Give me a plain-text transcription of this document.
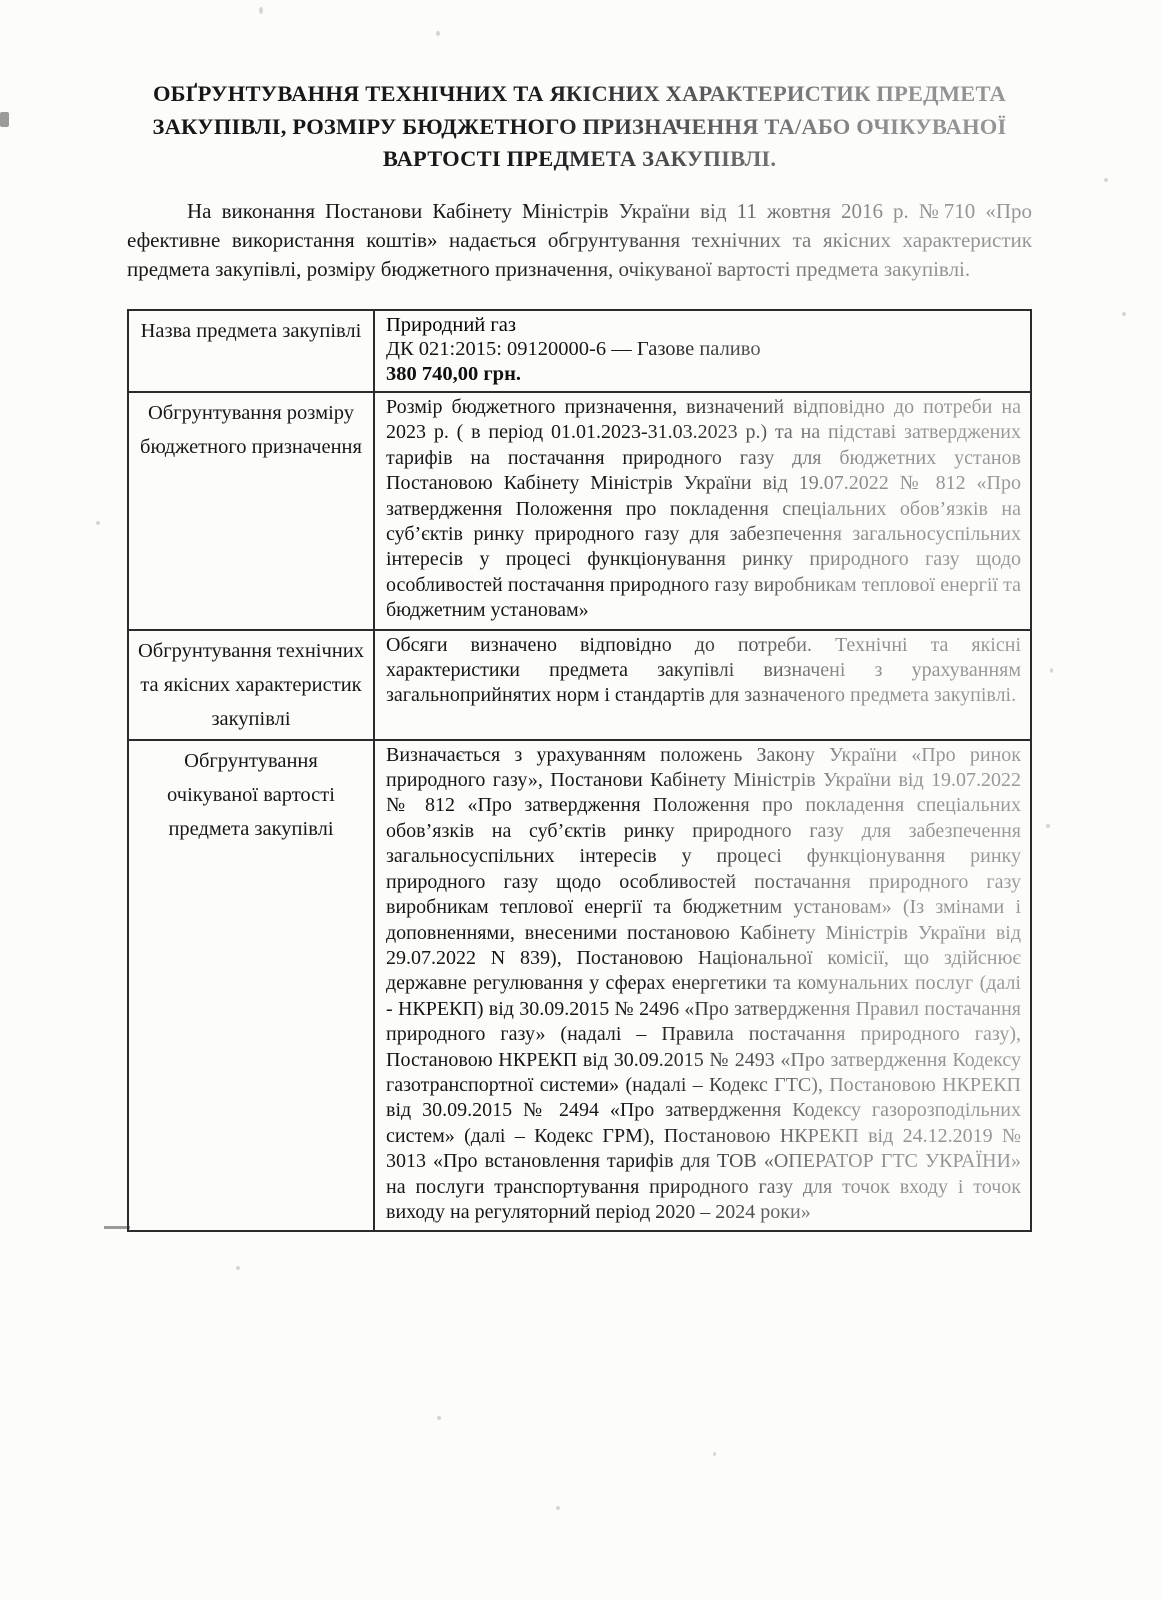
ОБҐРУНТУВАННЯ ТЕХНІЧНИХ ТА ЯКІСНИХ ХАРАКТЕРИСТИК ПРЕДМЕТА
ЗАКУПІВЛІ, РОЗМІРУ БЮДЖЕТНОГО ПРИЗНАЧЕННЯ ТА/АБО ОЧІКУВАНОЇ
ВАРТОСТІ ПРЕДМЕТА ЗАКУПІВЛІ.

На виконання Постанови Кабінету Міністрів України від 11 жовтня 2016 р. №710 «Про ефективне використання коштів» надається обгрунтування технічних та якісних характеристик предмета закупівлі, розміру бюджетного призначення, очікуваної вартості предмета закупівлі.

Назва предмета закупівлі	Природний газ
ДК 021:2015: 09120000-6 — Газове паливо
380 740,00 грн.

Обгрунтування розміру бюджетного призначення	Розмір бюджетного призначення, визначений відповідно до потреби на 2023 р. ( в період 01.01.2023-31.03.2023 р.) та на підставі затверджених тарифів на постачання природного газу для бюджетних установ Постановою Кабінету Міністрів України від 19.07.2022 № 812 «Про затвердження Положення про покладення спеціальних обов’язків на суб’єктів ринку природного газу для забезпечення загальносуспільних інтересів у процесі функціонування ринку природного газу щодо особливостей постачання природного газу виробникам теплової енергії та бюджетним установам»

Обгрунтування технічних та якісних характеристик закупівлі	Обсяги визначено відповідно до потреби. Технічні та якісні характеристики предмета закупівлі визначені з урахуванням загальноприйнятих норм і стандартів для зазначеного предмета закупівлі.

Обгрунтування очікуваної вартості предмета закупівлі	Визначається з урахуванням положень Закону України «Про ринок природного газу», Постанови Кабінету Міністрів України від 19.07.2022 № 812 «Про затвердження Положення про покладення спеціальних обов’язків на суб’єктів ринку природного газу для забезпечення загальносуспільних інтересів у процесі функціонування ринку природного газу щодо особливостей постачання природного газу виробникам теплової енергії та бюджетним установам» (Із змінами і доповненнями, внесеними постановою Кабінету Міністрів України від 29.07.2022 N 839), Постановою Національної комісії, що здійснює державне регулювання у сферах енергетики та комунальних послуг (далі - НКРЕКП) від 30.09.2015 № 2496 «Про затвердження Правил постачання природного газу» (надалі – Правила постачання природного газу), Постановою НКРЕКП від 30.09.2015 № 2493 «Про затвердження Кодексу газотранспортної системи» (надалі – Кодекс ГТС), Постановою НКРЕКП від 30.09.2015 № 2494 «Про затвердження Кодексу газорозподільних систем» (далі – Кодекс ГРМ), Постановою НКРЕКП від 24.12.2019 № 3013 «Про встановлення тарифів для ТОВ «ОПЕРАТОР ГТС УКРАЇНИ» на послуги транспортування природного газу для точок входу і точок виходу на регуляторний період 2020 – 2024 роки»
